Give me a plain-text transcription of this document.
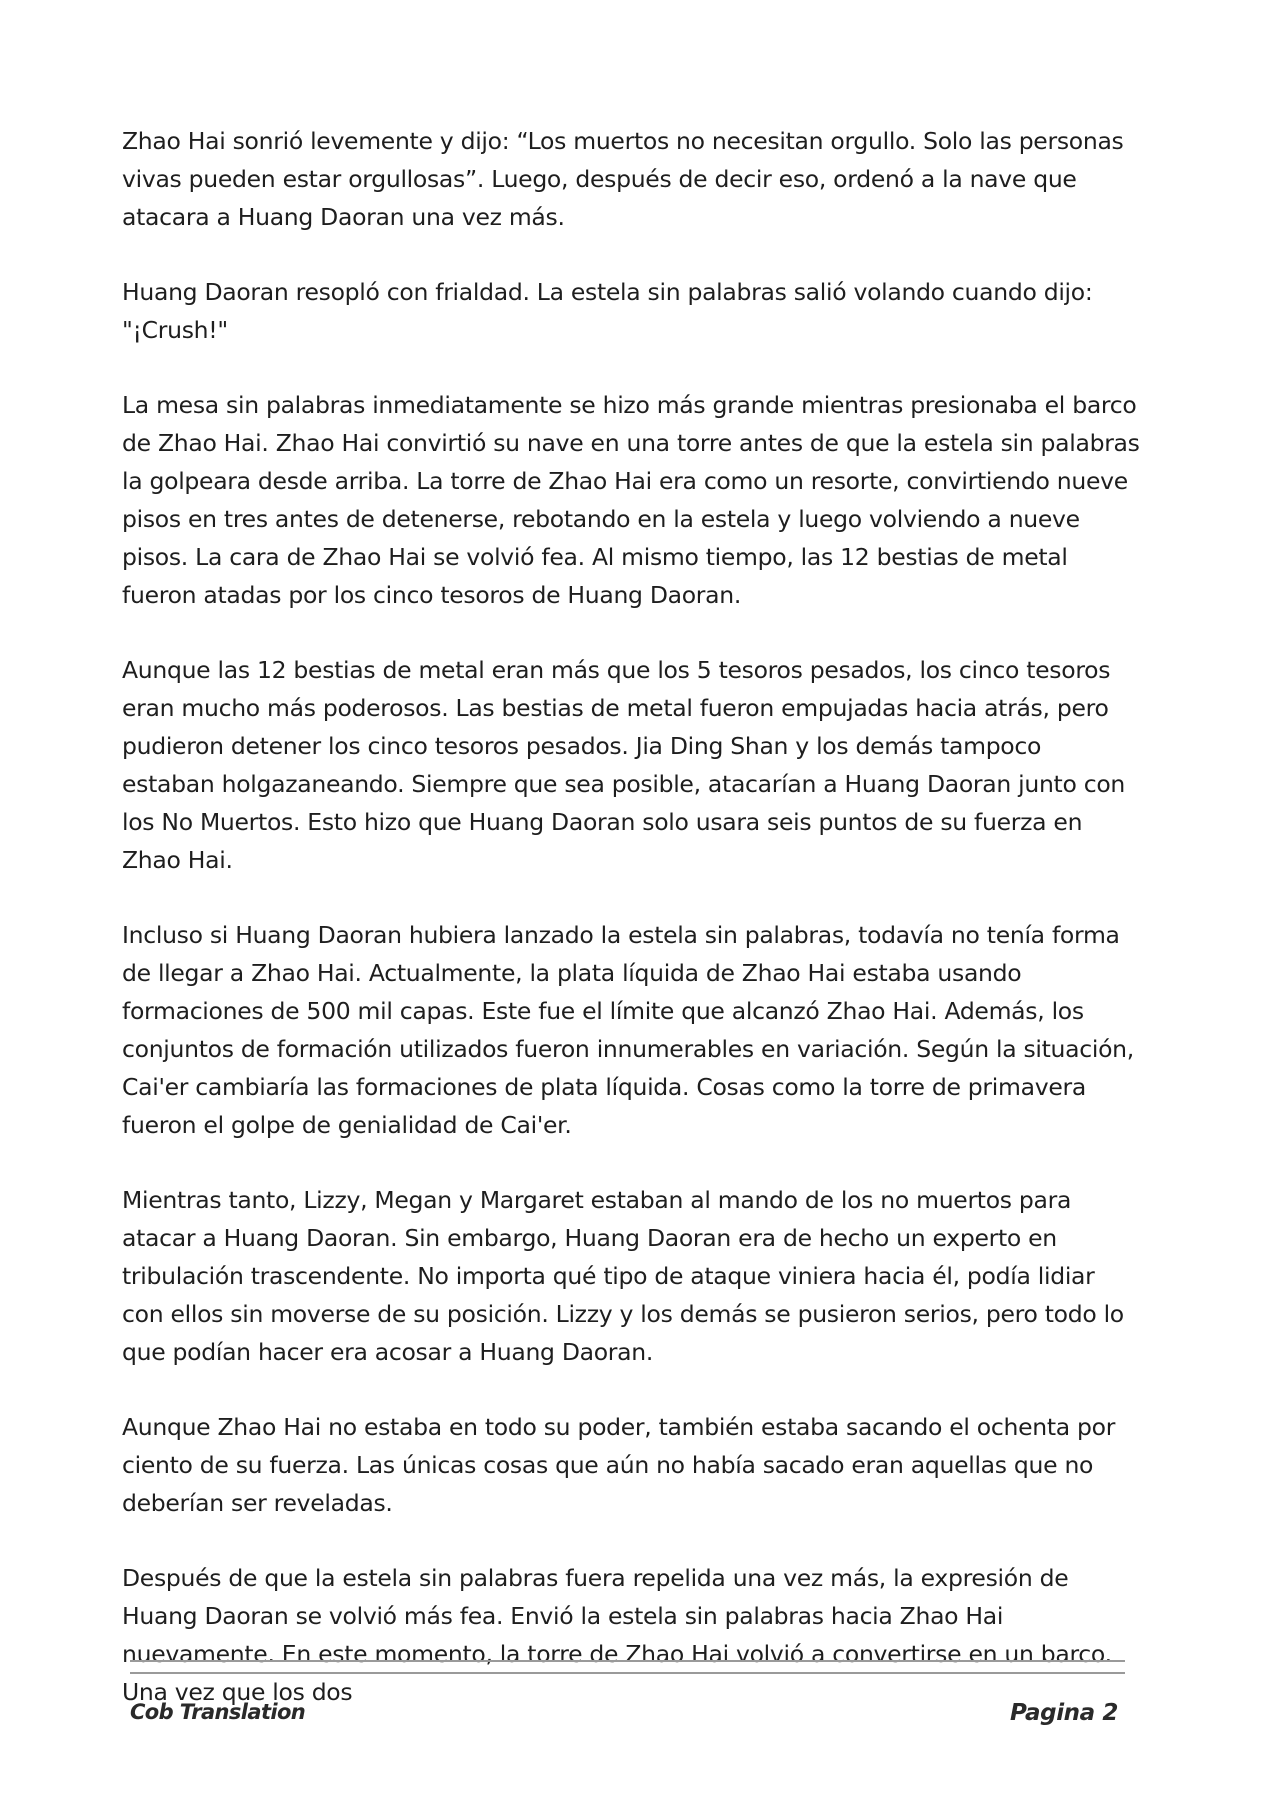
Zhao Hai sonrió levemente y dijo: “Los muertos no necesitan orgullo. Solo las personas vivas pueden estar orgullosas”. Luego, después de decir eso, ordenó a la nave que atacara a Huang Daoran una vez más.

Huang Daoran resopló con frialdad. La estela sin palabras salió volando cuando dijo: "¡Crush!"

La mesa sin palabras inmediatamente se hizo más grande mientras presionaba el barco de Zhao Hai. Zhao Hai convirtió su nave en una torre antes de que la estela sin palabras la golpeara desde arriba. La torre de Zhao Hai era como un resorte, convirtiendo nueve pisos en tres antes de detenerse, rebotando en la estela y luego volviendo a nueve pisos. La cara de Zhao Hai se volvió fea. Al mismo tiempo, las 12 bestias de metal fueron atadas por los cinco tesoros de Huang Daoran.

Aunque las 12 bestias de metal eran más que los 5 tesoros pesados, los cinco tesoros eran mucho más poderosos. Las bestias de metal fueron empujadas hacia atrás, pero pudieron detener los cinco tesoros pesados. Jia Ding Shan y los demás tampoco estaban holgazaneando. Siempre que sea posible, atacarían a Huang Daoran junto con los No Muertos. Esto hizo que Huang Daoran solo usara seis puntos de su fuerza en Zhao Hai.

Incluso si Huang Daoran hubiera lanzado la estela sin palabras, todavía no tenía forma de llegar a Zhao Hai. Actualmente, la plata líquida de Zhao Hai estaba usando formaciones de 500 mil capas. Este fue el límite que alcanzó Zhao Hai. Además, los conjuntos de formación utilizados fueron innumerables en variación. Según la situación, Cai'er cambiaría las formaciones de plata líquida. Cosas como la torre de primavera fueron el golpe de genialidad de Cai'er.

Mientras tanto, Lizzy, Megan y Margaret estaban al mando de los no muertos para atacar a Huang Daoran. Sin embargo, Huang Daoran era de hecho un experto en tribulación trascendente. No importa qué tipo de ataque viniera hacia él, podía lidiar con ellos sin moverse de su posición. Lizzy y los demás se pusieron serios, pero todo lo que podían hacer era acosar a Huang Daoran.

Aunque Zhao Hai no estaba en todo su poder, también estaba sacando el ochenta por ciento de su fuerza. Las únicas cosas que aún no había sacado eran aquellas que no deberían ser reveladas.

Después de que la estela sin palabras fuera repelida una vez más, la expresión de Huang Daoran se volvió más fea. Envió la estela sin palabras hacia Zhao Hai nuevamente. En este momento, la torre de Zhao Hai volvió a convertirse en un barco. Una vez que los dos

Cob Translation	Pagina 2
